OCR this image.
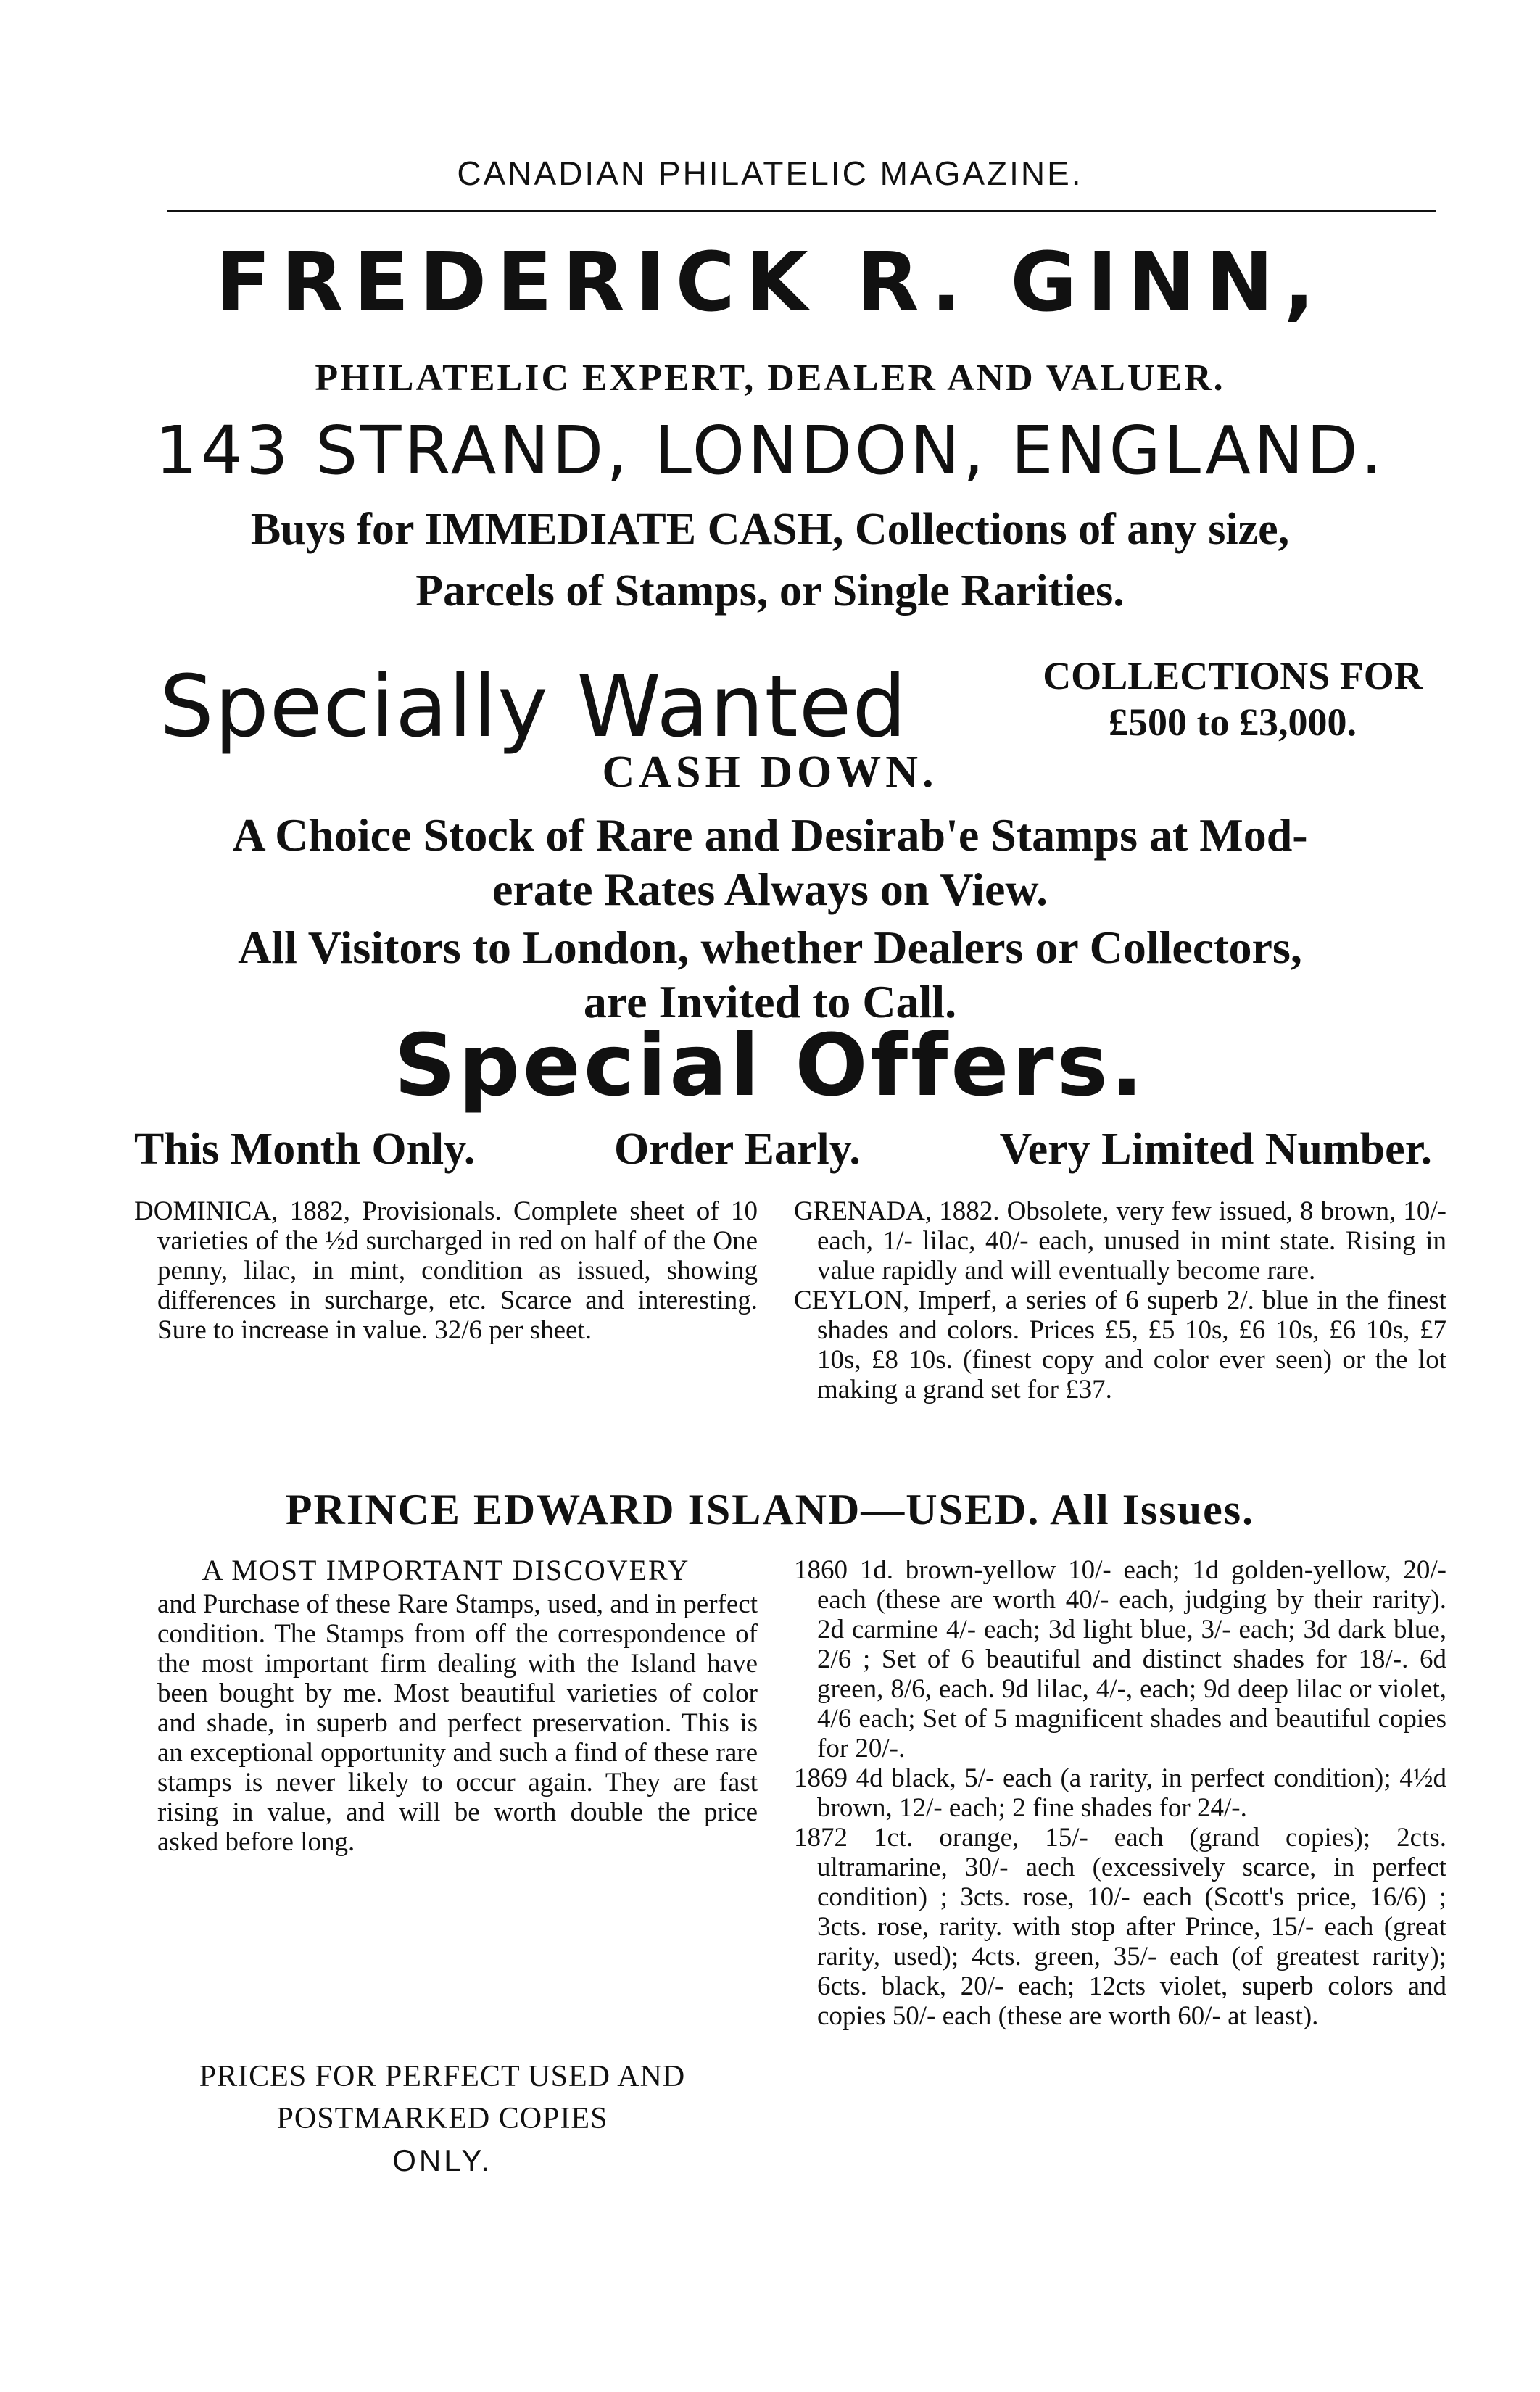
CANADIAN PHILATELIC MAGAZINE.
FREDERICK R. GINN,
PHILATELIC EXPERT, DEALER AND VALUER.
143 STRAND, LONDON, ENGLAND.
Buys for IMMEDIATE CASH, Collections of any size,
Parcels of Stamps, or Single Rarities.
Specially Wanted	COLLECTIONS FOR
£500 to £3,000.
CASH DOWN.
A Choice Stock of Rare and Desirab'e Stamps at Mod-
erate Rates Always on View.
All Visitors to London, whether Dealers or Collectors,
are Invited to Call.
Special Offers.
This Month Only.	Order Early.	Very Limited Number.

DOMINICA, 1882, Provisionals. Complete sheet of 10 varieties of the ½d surcharged in red on half of the One penny, lilac, in mint, condition as issued, showing differences in surcharge, etc. Scarce and interesting. Sure to increase in value. 32/6 per sheet.

GRENADA, 1882. Obsolete, very few issued, 8 brown, 10/- each, 1/- lilac, 40/- each, unused in mint state. Rising in value rapidly and will eventually become rare.

CEYLON, Imperf, a series of 6 superb 2/. blue in the finest shades and colors. Prices £5, £5 10s, £6 10s, £6 10s, £7 10s, £8 10s. (finest copy and color ever seen) or the lot making a grand set for £37.

PRINCE EDWARD ISLAND—USED. All Issues.

A MOST IMPORTANT DISCOVERY

and Purchase of these Rare Stamps, used, and in perfect condition. The Stamps from off the correspondence of the most important firm dealing with the Island have been bought by me. Most beautiful varieties of color and shade, in superb and perfect preservation. This is an exceptional opportunity and such a find of these rare stamps is never likely to occur again. They are fast rising in value, and will be worth double the price asked before long.

PRICES FOR PERFECT USED AND
POSTMARKED COPIES
ONLY.

1860 1d. brown-yellow 10/- each; 1d golden-yellow, 20/- each (these are worth 40/- each, judging by their rarity). 2d carmine 4/- each; 3d light blue, 3/- each; 3d dark blue, 2/6 ; Set of 6 beautiful and distinct shades for 18/-. 6d green, 8/6, each. 9d lilac, 4/-, each; 9d deep lilac or violet, 4/6 each; Set of 5 magnificent shades and beautiful copies for 20/-.

1869 4d black, 5/- each (a rarity, in perfect condition); 4½d brown, 12/- each; 2 fine shades for 24/-.

1872 1ct. orange, 15/- each (grand copies); 2cts. ultramarine, 30/- aech (excessively scarce, in perfect condition) ; 3cts. rose, 10/- each (Scott's price, 16/6) ; 3cts. rose, rarity. with stop after Prince, 15/- each (great rarity, used); 4cts. green, 35/- each (of greatest rarity); 6cts. black, 20/- each; 12cts violet, superb colors and copies 50/- each (these are worth 60/- at least).
